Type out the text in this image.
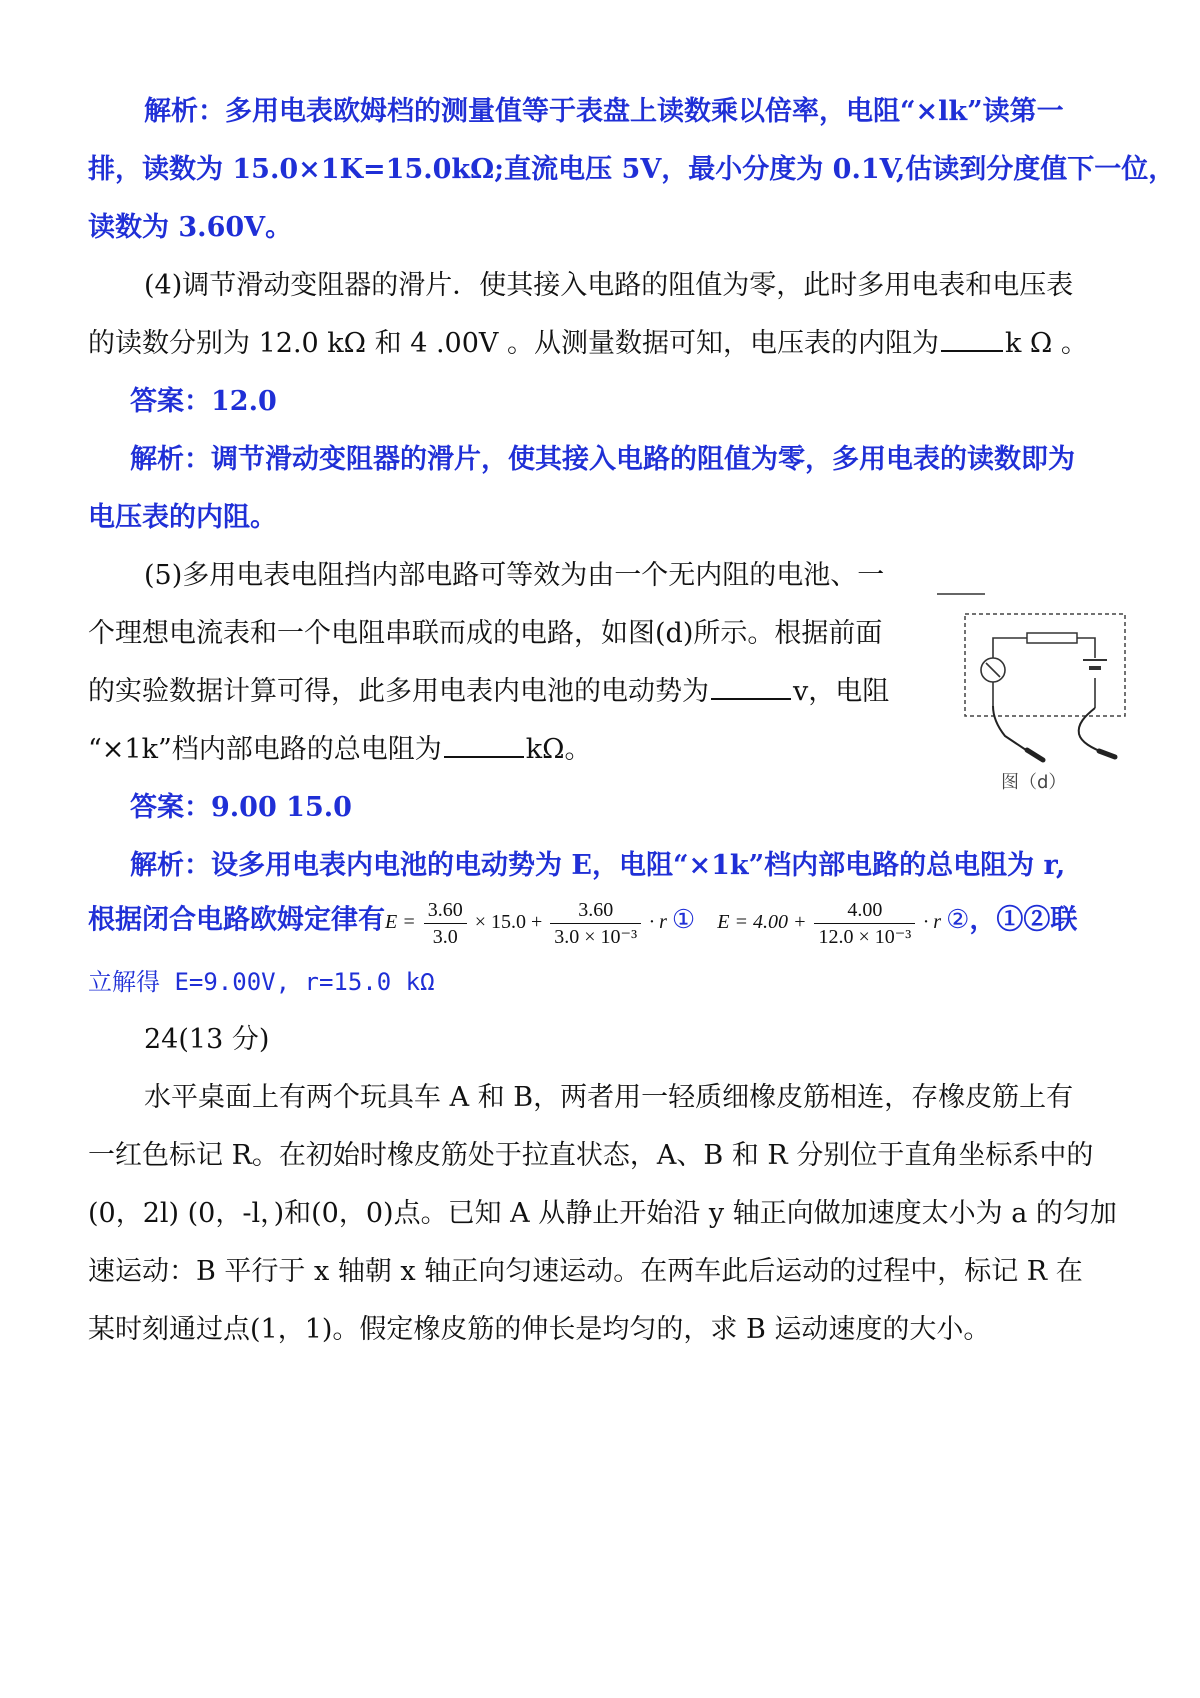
解析：多用电表欧姆档的测量值等于表盘上读数乘以倍率，电阻“×lk”读第一
排，读数为 15.0×1K=15.0kΩ;直流电压 5V，最小分度为 0.1V,估读到分度值下一位，
读数为 3.60V。
(4)调节滑动变阻器的滑片．使其接入电路的阻值为零，此时多用电表和电压表
的读数分别为 12.0 kΩ 和 4 .00V 。从测量数据可知，电压表的内阻为 k Ω 。
答案：12.0
解析：调节滑动变阻器的滑片，使其接入电路的阻值为零，多用电表的读数即为
电压表的内阻。
(5)多用电表电阻挡内部电路可等效为由一个无内阻的电池、一
个理想电流表和一个电阻串联而成的电路，如图(d)所示。根据前面
的实验数据计算可得，此多用电表内电池的电动势为	v，电阻
“×1k”档内部电路的总电阻为	kΩ。
图（d）
答案：9.00 15.0
解析：设多用电表内电池的电动势为 E，电阻“×1k”档内部电路的总电阻为 r,
根据闭合电路欧姆定律有$E = \frac{3.60}{3.0} \times 15.0 + \frac{3.60}{\text{3.0 × 10⁻³}} \cdot r$ ① $E = 4.00 + \frac{4.00}{\text{12.0 × 10⁻³}} \cdot r$ ②，①②联
立解得 E=9.00V, r=15.0 kΩ
24(13 分)
水平桌面上有两个玩具车 A 和 B，两者用一轻质细橡皮筋相连，存橡皮筋上有
一红色标记 R。在初始时橡皮筋处于拉直状态，A、B 和 R 分别位于直角坐标系中的
(0，2l) (0，-l，)和(0，0)点。已知 A 从静止开始沿 y 轴正向做加速度太小为 a 的匀加
速运动：B 平行于 x 轴朝 x 轴正向匀速运动。在两车此后运动的过程中，标记 R 在
某时刻通过点(1，1)。假定橡皮筋的伸长是均匀的，求 B 运动速度的大小。
